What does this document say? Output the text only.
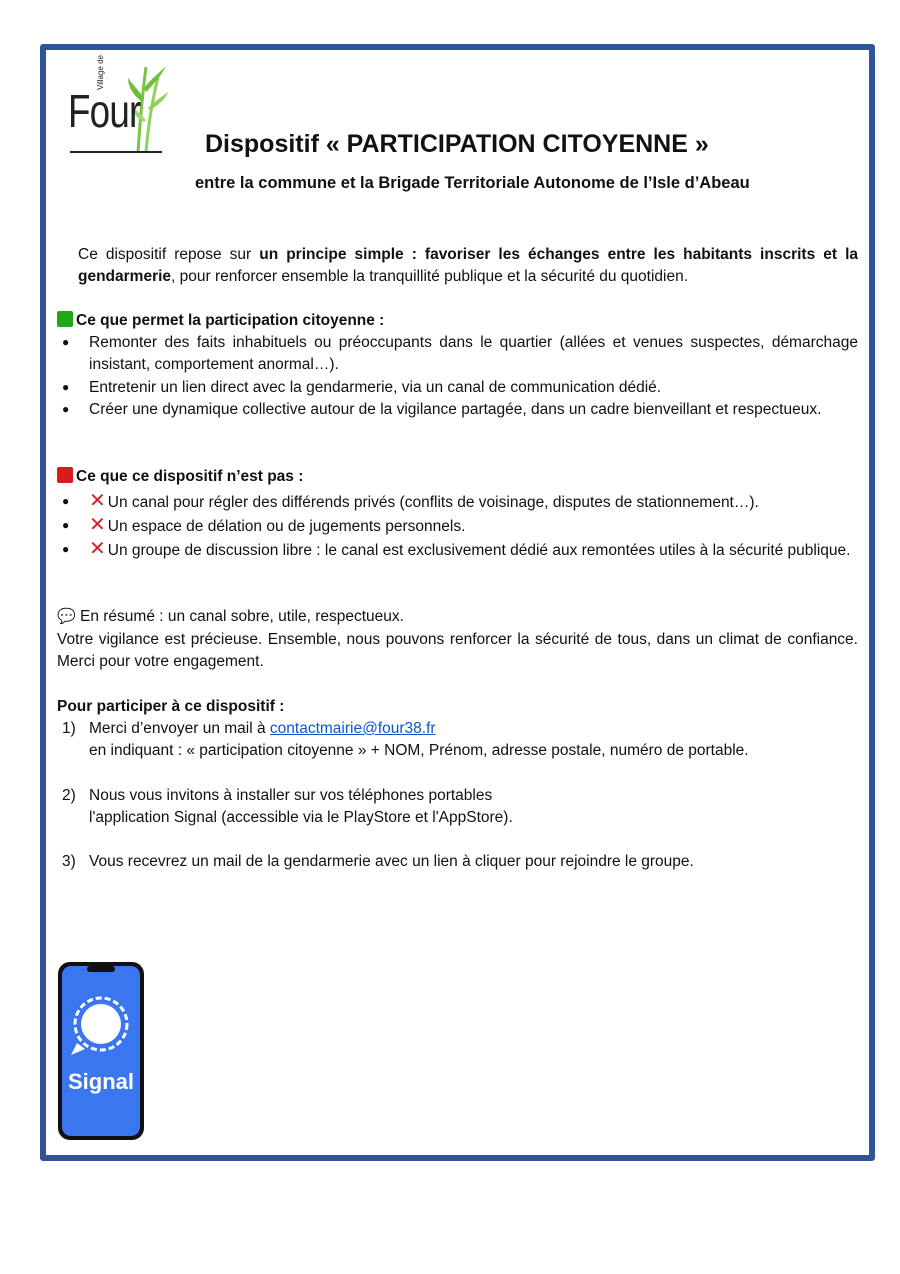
Four
Village de
Dispositif « PARTICIPATION CITOYENNE »
entre la commune et la Brigade Territoriale Autonome de l’Isle d’Abeau
Ce dispositif repose sur un principe simple : favoriser les échanges entre les habitants inscrits et la gendarmerie, pour renforcer ensemble la tranquillité publique et la sécurité du quotidien.
Ce que permet la participation citoyenne :
● Remonter des faits inhabituels ou préoccupants dans le quartier (allées et venues suspectes, démarchage insistant, comportement anormal…).
● Entretenir un lien direct avec la gendarmerie, via un canal de communication dédié.
● Créer une dynamique collective autour de la vigilance partagée, dans un cadre bienveillant et respectueux.
Ce que ce dispositif n’est pas :
● ✕ Un canal pour régler des différends privés (conflits de voisinage, disputes de stationnement…).
● ✕ Un espace de délation ou de jugements personnels.
● ✕ Un groupe de discussion libre : le canal est exclusivement dédié aux remontées utiles à la sécurité publique.
💬 En résumé : un canal sobre, utile, respectueux.
Votre vigilance est précieuse. Ensemble, nous pouvons renforcer la sécurité de tous, dans un climat de confiance. Merci pour votre engagement.
Pour participer à ce dispositif :
1) Merci d’envoyer un mail à contactmairie@four38.fr
en indiquant : « participation citoyenne » + NOM, Prénom, adresse postale, numéro de portable.
2) Nous vous invitons à installer sur vos téléphones portables
l'application Signal (accessible via le PlayStore et l'AppStore).
3) Vous recevrez un mail de la gendarmerie avec un lien à cliquer pour rejoindre le groupe.
Signal
